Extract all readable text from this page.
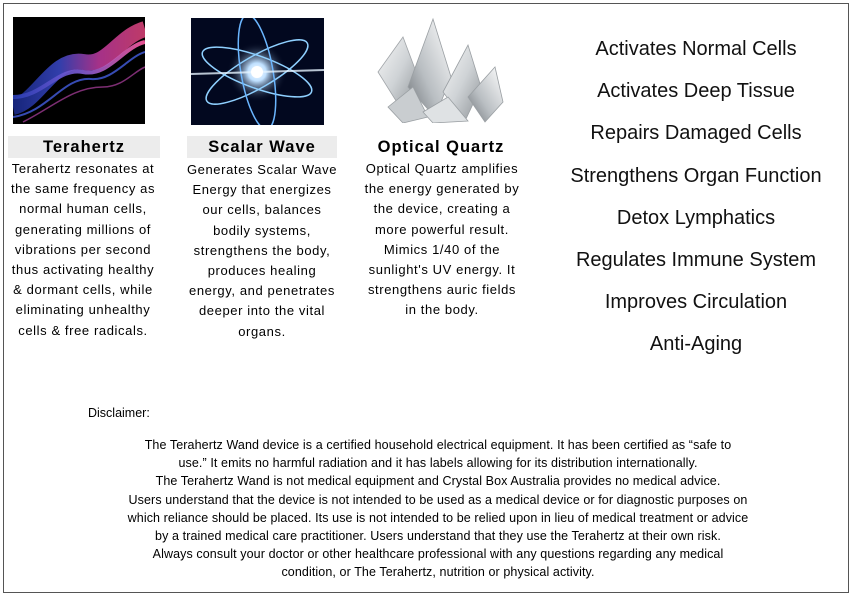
Terahertz
Terahertz resonates at the same frequency as normal human cells, generating millions of vibrations per second thus activating healthy & dormant cells, while eliminating unhealthy cells & free radicals.
Scalar Wave
Generates Scalar Wave Energy that energizes our cells, balances bodily systems, strengthens the body, produces healing energy, and penetrates deeper into the vital organs.
Optical Quartz
Optical Quartz amplifies the energy generated by the device, creating a more powerful result. Mimics 1/40 of the sunlight's UV energy. It strengthens auric fields in the body.
Activates Normal Cells
Activates Deep Tissue
Repairs Damaged Cells
Strengthens Organ Function
Detox Lymphatics
Regulates Immune System
Improves Circulation
Anti-Aging
Disclaimer:
The Terahertz Wand device is a certified household electrical equipment. It has been certified as “safe to
use.” It emits no harmful radiation and it has labels allowing for its distribution internationally.
The Terahertz Wand is not medical equipment and Crystal Box Australia provides no medical advice.
Users understand that the device is not intended to be used as a medical device or for diagnostic purposes on
which reliance should be placed. Its use is not intended to be relied upon in lieu of medical treatment or advice
by a trained medical care practitioner. Users understand that they use the Terahertz at their own risk.
Always consult your doctor or other healthcare professional with any questions regarding any medical
condition, or The Terahertz, nutrition or physical activity.
